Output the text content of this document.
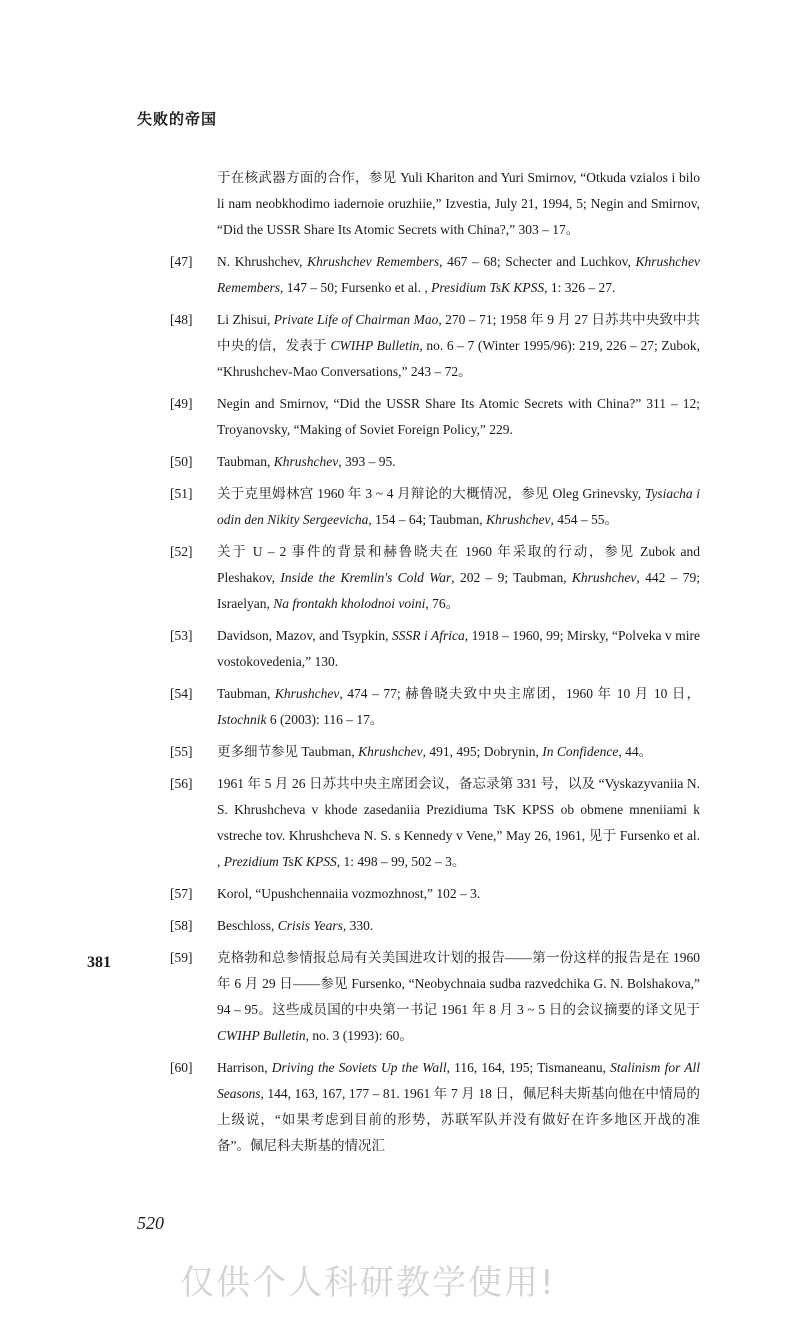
失败的帝国
于在核武器方面的合作，参见 Yuli Khariton and Yuri Smirnov, “Otkuda vzialos i bilo li nam neobkhodimo iadernoie oruzhiie,” Izvestia, July 21, 1994, 5; Negin and Smirnov, “Did the USSR Share Its Atomic Secrets with China?,” 303 – 17。
[47] N. Khrushchev, Khrushchev Remembers, 467 – 68; Schecter and Luchkov, Khrushchev Remembers, 147 – 50; Fursenko et al. , Presidium TsK KPSS, 1: 326 – 27.
[48] Li Zhisui, Private Life of Chairman Mao, 270 – 71; 1958 年 9 月 27 日苏共中央致中共中央的信，发表于 CWIHP Bulletin, no. 6 – 7 (Winter 1995/96): 219, 226 – 27; Zubok, “Khrushchev-Mao Conversations,” 243 – 72。
[49] Negin and Smirnov, “Did the USSR Share Its Atomic Secrets with China?” 311 – 12; Troyanovsky, “Making of Soviet Foreign Policy,” 229.
[50] Taubman, Khrushchev, 393 – 95.
[51] 关于克里姆林宫 1960 年 3 ~ 4 月辩论的大概情况，参见 Oleg Grinevsky, Tysiacha i odin den Nikity Sergeevicha, 154 – 64; Taubman, Khrushchev, 454 – 55。
[52] 关于 U – 2 事件的背景和赫鲁晓夫在 1960 年采取的行动，参见 Zubok and Pleshakov, Inside the Kremlin's Cold War, 202 – 9; Taubman, Khrushchev, 442 – 79; Israelyan, Na frontakh kholodnoi voini, 76。
[53] Davidson, Mazov, and Tsypkin, SSSR i Africa, 1918 – 1960, 99; Mirsky, “Polveka v mire vostokovedenia,” 130.
[54] Taubman, Khrushchev, 474 – 77; 赫鲁晓夫致中央主席团，1960 年 10 月 10 日，Istochnik 6 (2003): 116 – 17。
[55] 更多细节参见 Taubman, Khrushchev, 491, 495; Dobrynin, In Confidence, 44。
[56] 1961 年 5 月 26 日苏共中央主席团会议，备忘录第 331 号，以及 “Vyskazyvaniia N. S. Khrushcheva v khode zasedaniia Prezidiuma TsK KPSS ob obmene mneniiami k vstreche tov. Khrushcheva N. S. s Kennedy v Vene,” May 26, 1961, 见于 Fursenko et al. , Prezidium TsK KPSS, 1: 498 – 99, 502 – 3。
[57] Korol, “Upushchennaiia vozmozhnost,” 102 – 3.
[58] Beschloss, Crisis Years, 330.
[59] 克格勃和总参情报总局有关美国进攻计划的报告——第一份这样的报告是在 1960 年 6 月 29 日——参见 Fursenko, “Neobychnaia sudba razvedchika G. N. Bolshakova,” 94 – 95。这些成员国的中央第一书记 1961 年 8 月 3 ~ 5 日的会议摘要的译文见于 CWIHP Bulletin, no. 3 (1993): 60。
[60] Harrison, Driving the Soviets Up the Wall, 116, 164, 195; Tismaneanu, Stalinism for All Seasons, 144, 163, 167, 177 – 81. 1961 年 7 月 18 日，佩尼科夫斯基向他在中情局的上级说，“如果考虑到目前的形势，苏联军队并没有做好在许多地区开战的准备”。佩尼科夫斯基的情况汇
381
520
仅供个人科研教学使用!
